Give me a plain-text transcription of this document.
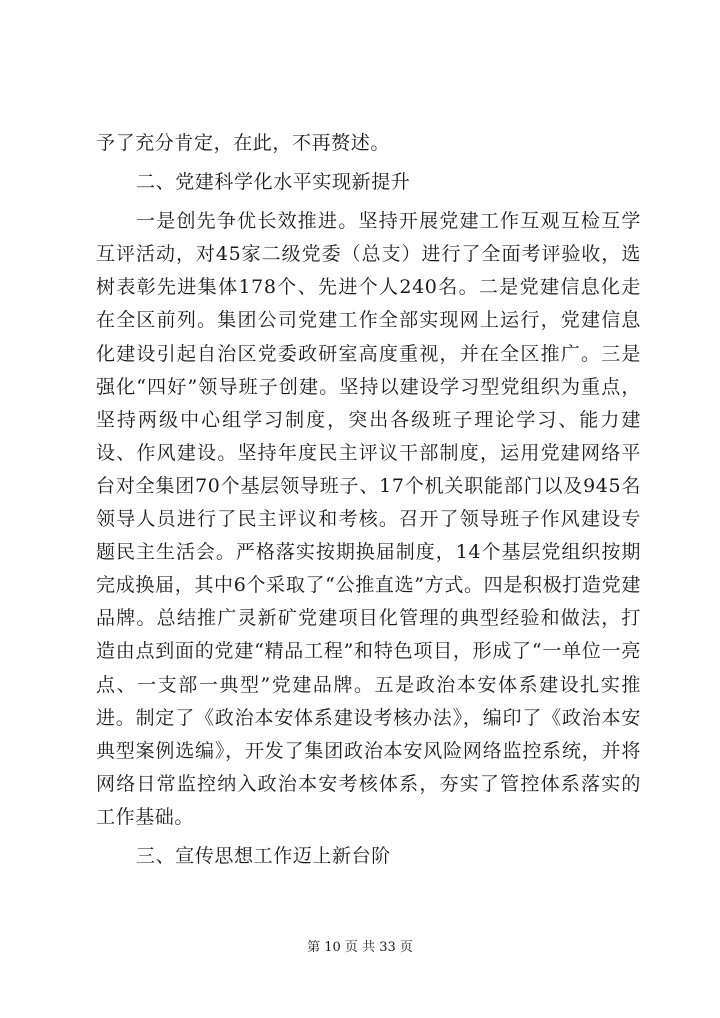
予了充分肯定，在此，不再赘述。

二、党建科学化水平实现新提升

一是创先争优长效推进。坚持开展党建工作互观互检互学互评活动，对45家二级党委（总支）进行了全面考评验收，选树表彰先进集体178个、先进个人240名。二是党建信息化走在全区前列。集团公司党建工作全部实现网上运行，党建信息化建设引起自治区党委政研室高度重视，并在全区推广。三是强化“四好”领导班子创建。坚持以建设学习型党组织为重点，坚持两级中心组学习制度，突出各级班子理论学习、能力建设、作风建设。坚持年度民主评议干部制度，运用党建网络平台对全集团70个基层领导班子、17个机关职能部门以及945名领导人员进行了民主评议和考核。召开了领导班子作风建设专题民主生活会。严格落实按期换届制度，14个基层党组织按期完成换届，其中6个采取了“公推直选”方式。四是积极打造党建品牌。总结推广灵新矿党建项目化管理的典型经验和做法，打造由点到面的党建“精品工程”和特色项目，形成了“一单位一亮点、一支部一典型”党建品牌。五是政治本安体系建设扎实推进。制定了《政治本安体系建设考核办法》，编印了《政治本安典型案例选编》，开发了集团政治本安风险网络监控系统，并将网络日常监控纳入政治本安考核体系，夯实了管控体系落实的工作基础。

三、宣传思想工作迈上新台阶

第 10 页 共 33 页
